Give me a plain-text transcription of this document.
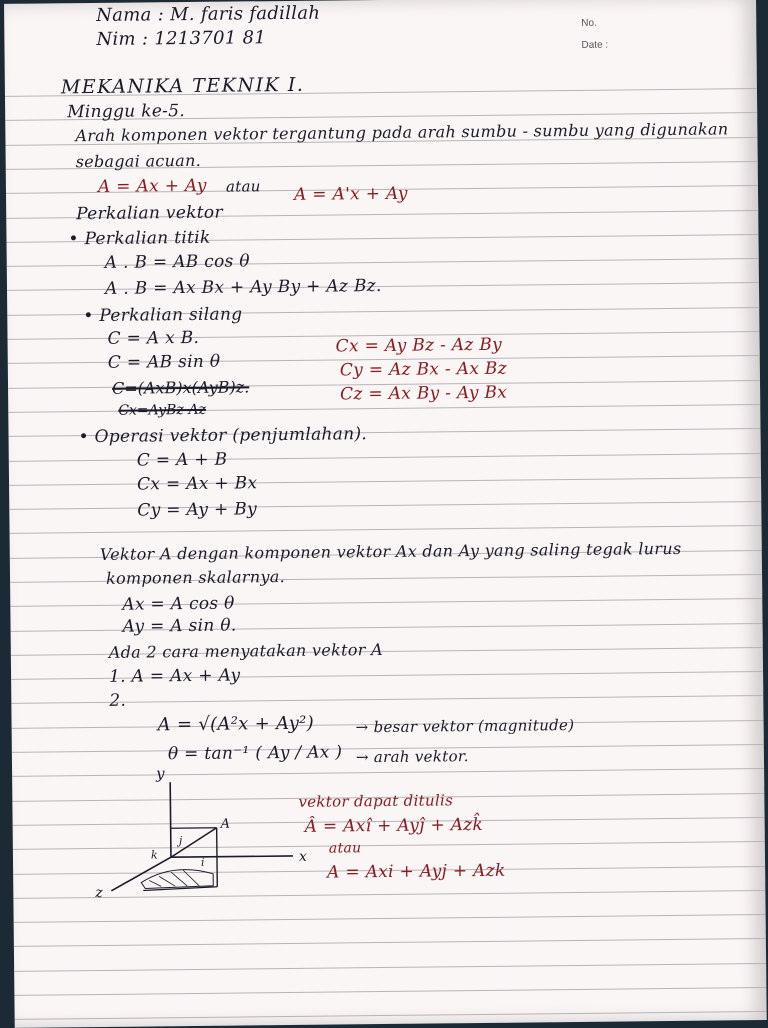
Nama : M. faris fadillah
Nim : 1213701 81
No.
Date :
MEKANIKA TEKNIK I.
Minggu ke-5.
Arah komponen vektor tergantung pada arah sumbu - sumbu yang digunakan
sebagai acuan.
A = Ax + Ay atau A = A'x + Ay
Perkalian vektor
• Perkalian titik
A . B = AB cos θ
A . B = Ax Bx + Ay By + Az Bz.
• Perkalian silang
C = A x B.
C = AB sin θ
C=(AxB)x(AyB)z.
Cx=AyBz-Az
Cx = Ay Bz - Az By
Cy = Az Bx - Ax Bz
Cz = Ax By - Ay Bx
• Operasi vektor (penjumlahan).
C = A + B
Cx = Ax + Bx
Cy = Ay + By
Vektor A dengan komponen vektor Ax dan Ay yang saling tegak lurus
komponen skalarnya.
Ax = A cos θ
Ay = A sin θ.
Ada 2 cara menyatakan vektor A
1. A = Ax + Ay
2.
A = √(A²x + Ay²)	→ besar vektor (magnitude)
θ = tan⁻¹ ( Ay / Ax ) → arah vektor.
vektor dapat ditulis
Â = Axî + Ayĵ + Azk̂
atau
A = Axi + Ayj + Azk
y
x
z
A
k
j
i
